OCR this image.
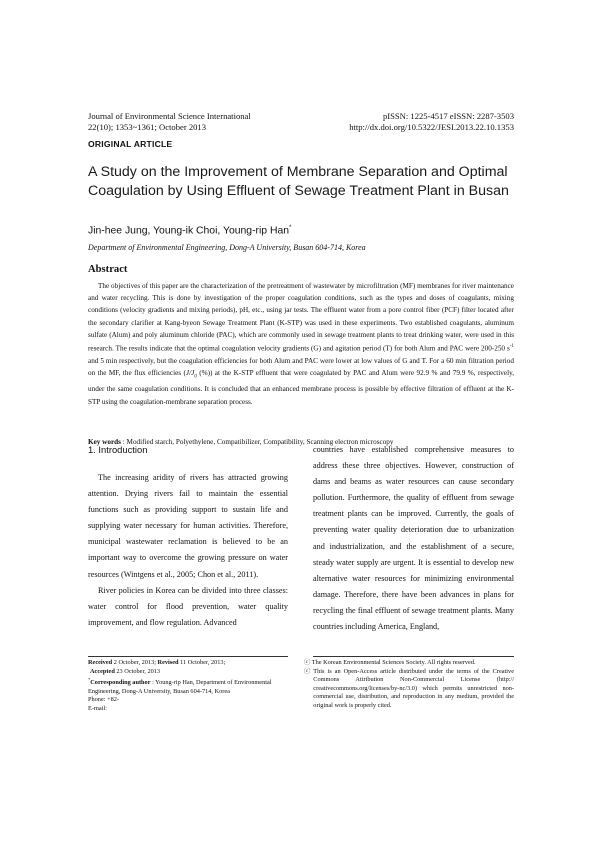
Journal of Environmental Science International
22(10); 1353~1361; October 2013
pISSN: 1225-4517 eISSN: 2287-3503
http://dx.doi.org/10.5322/JESI.2013.22.10.1353
ORIGINAL ARTICLE
A Study on the Improvement of Membrane Separation and Optimal Coagulation by Using Effluent of Sewage Treatment Plant in Busan
Jin-hee Jung, Young-ik Choi, Young-rip Han*
Department of Environmental Engineering, Dong-A University, Busan 604-714, Korea
Abstract
The objectives of this paper are the characterization of the pretreatment of wastewater by microfiltration (MF) membranes for river maintenance and water recycling. This is done by investigation of the proper coagulation conditions, such as the types and doses of coagulants, mixing conditions (velocity gradients and mixing periods), pH, etc., using jar tests. The effluent water from a pore control fiber (PCF) filter located after the secondary clarifier at Kang-byeon Sewage Treatment Plant (K-STP) was used in these experiments. Two established coagulants, aluminum sulfate (Alum) and poly aluminum chloride (PAC), which are commonly used in sewage treatment plants to treat drinking water, were used in this research. The results indicate that the optimal coagulation velocity gradients (G) and agitation period (T) for both Alum and PAC were 200-250 $s^{-1}$ and 5 min respectively, but the coagulation efficiencies for both Alum and PAC were lower at low values of G and T. For a 60 min filtration period on the MF, the flux efficiencies ($J/J_0$ (%)) at the K-STP effluent that were coagulated by PAC and Alum were 92.9 % and 79.9 %, respectively, under the same coagulation conditions. It is concluded that an enhanced membrane process is possible by effective filtration of effluent at the K-STP using the coagulation-membrane separation process.
Key words : Modified starch, Polyethylene, Compatibilizer, Compatibility, Scanning electron microscopy
1. Introduction

The increasing aridity of rivers has attracted growing attention. Drying rivers fail to maintain the essential functions such as providing support to sustain life and supplying water necessary for human activities. Therefore, municipal wastewater reclamation is believed to be an important way to overcome the growing pressure on water resources (Wintgens et al., 2005; Chon et al., 2011).

River policies in Korea can be divided into three classes: water control for flood prevention, water quality improvement, and flow regulation. Advanced

countries have established comprehensive measures to address these three objectives. However, construction of dams and beams as water resources can cause secondary pollution. Furthermore, the quality of effluent from sewage treatment plants can be improved. Currently, the goals of preventing water quality deterioration due to urbanization and industrialization, and the establishment of a secure, steady water supply are urgent. It is essential to develop new alternative water resources for minimizing environmental damage. Therefore, there have been advances in plans for recycling the final effluent of sewage treatment plants. Many countries including America, England,

Received 2 October, 2013; Revised 11 October, 2013;
Accepted 23 October, 2013
*Corresponding author : Young-rip Han, Department of Environmental Engineering, Dong-A University, Busan 604-714, Korea
Phone: +82-
E-mail:
ⓒ The Korean Environmental Sciences Society. All rights reserved.
ⓒ This is an Open-Access article distributed under the terms of the Creative Commons Attribution Non-Commercial License (http:// creativecommons.org/licenses/by-nc/3.0) which permits unrestricted non-commercial use, distribution, and reproduction in any medium, provided the original work is properly cited.
